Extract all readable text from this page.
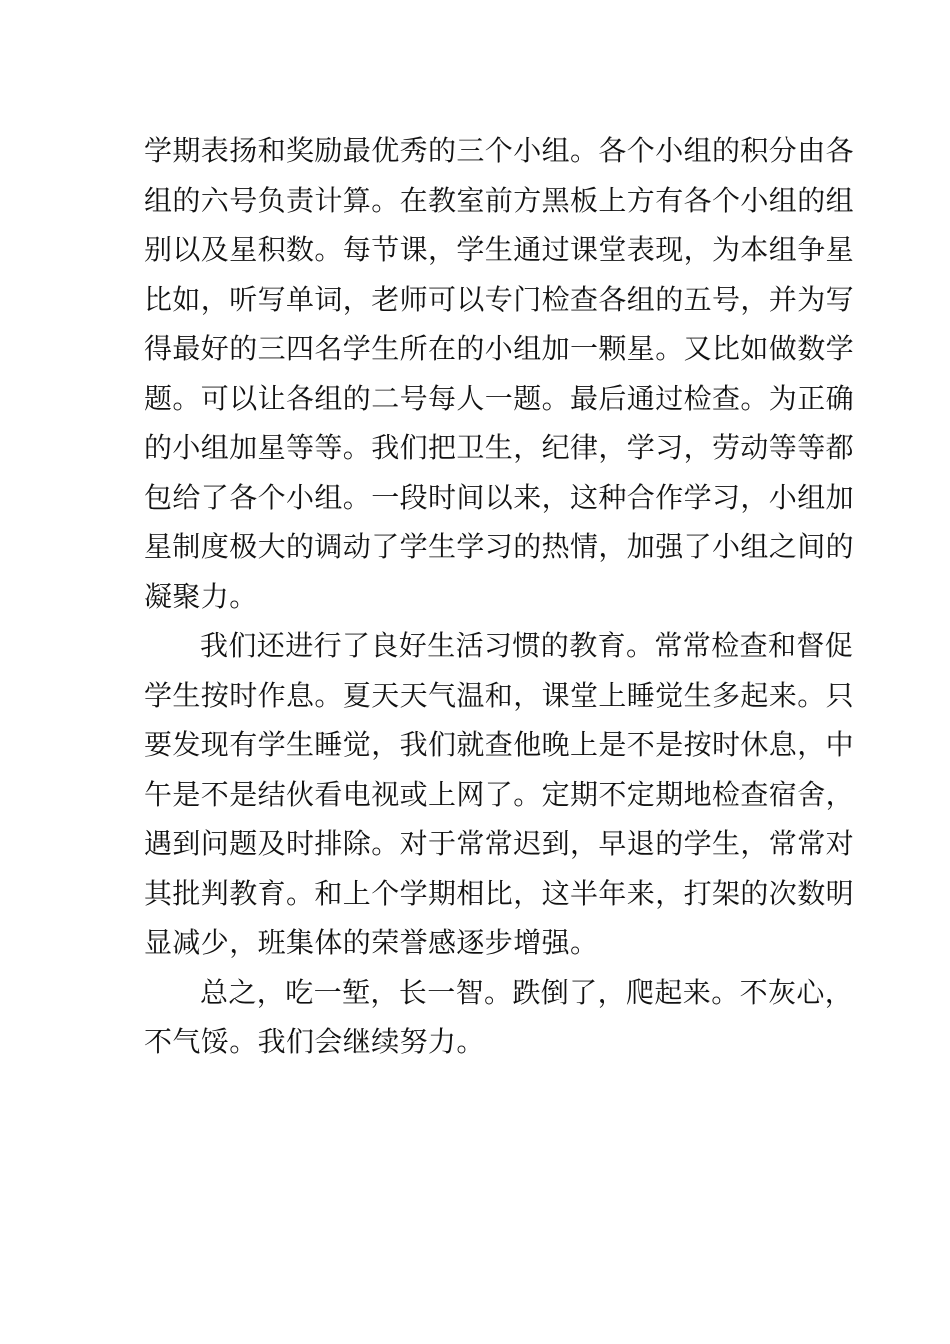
学期表扬和奖励最优秀的三个小组。各个小组的积分由各
组的六号负责计算。在教室前方黑板上方有各个小组的组
别以及星积数。每节课，学生通过课堂表现，为本组争星
比如，听写单词，老师可以专门检查各组的五号，并为写
得最好的三四名学生所在的小组加一颗星。又比如做数学
题。可以让各组的二号每人一题。最后通过检查。为正确
的小组加星等等。我们把卫生，纪律，学习，劳动等等都
包给了各个小组。一段时间以来，这种合作学习，小组加
星制度极大的调动了学生学习的热情，加强了小组之间的
凝聚力。

我们还进行了良好生活习惯的教育。常常检查和督促
学生按时作息。夏天天气温和，课堂上睡觉生多起来。只
要发现有学生睡觉，我们就查他晚上是不是按时休息，中
午是不是结伙看电视或上网了。定期不定期地检查宿舍，
遇到问题及时排除。对于常常迟到，早退的学生，常常对
其批判教育。和上个学期相比，这半年来，打架的次数明
显减少，班集体的荣誉感逐步增强。

总之，吃一堑，长一智。跌倒了，爬起来。不灰心，
不气馁。我们会继续努力。
